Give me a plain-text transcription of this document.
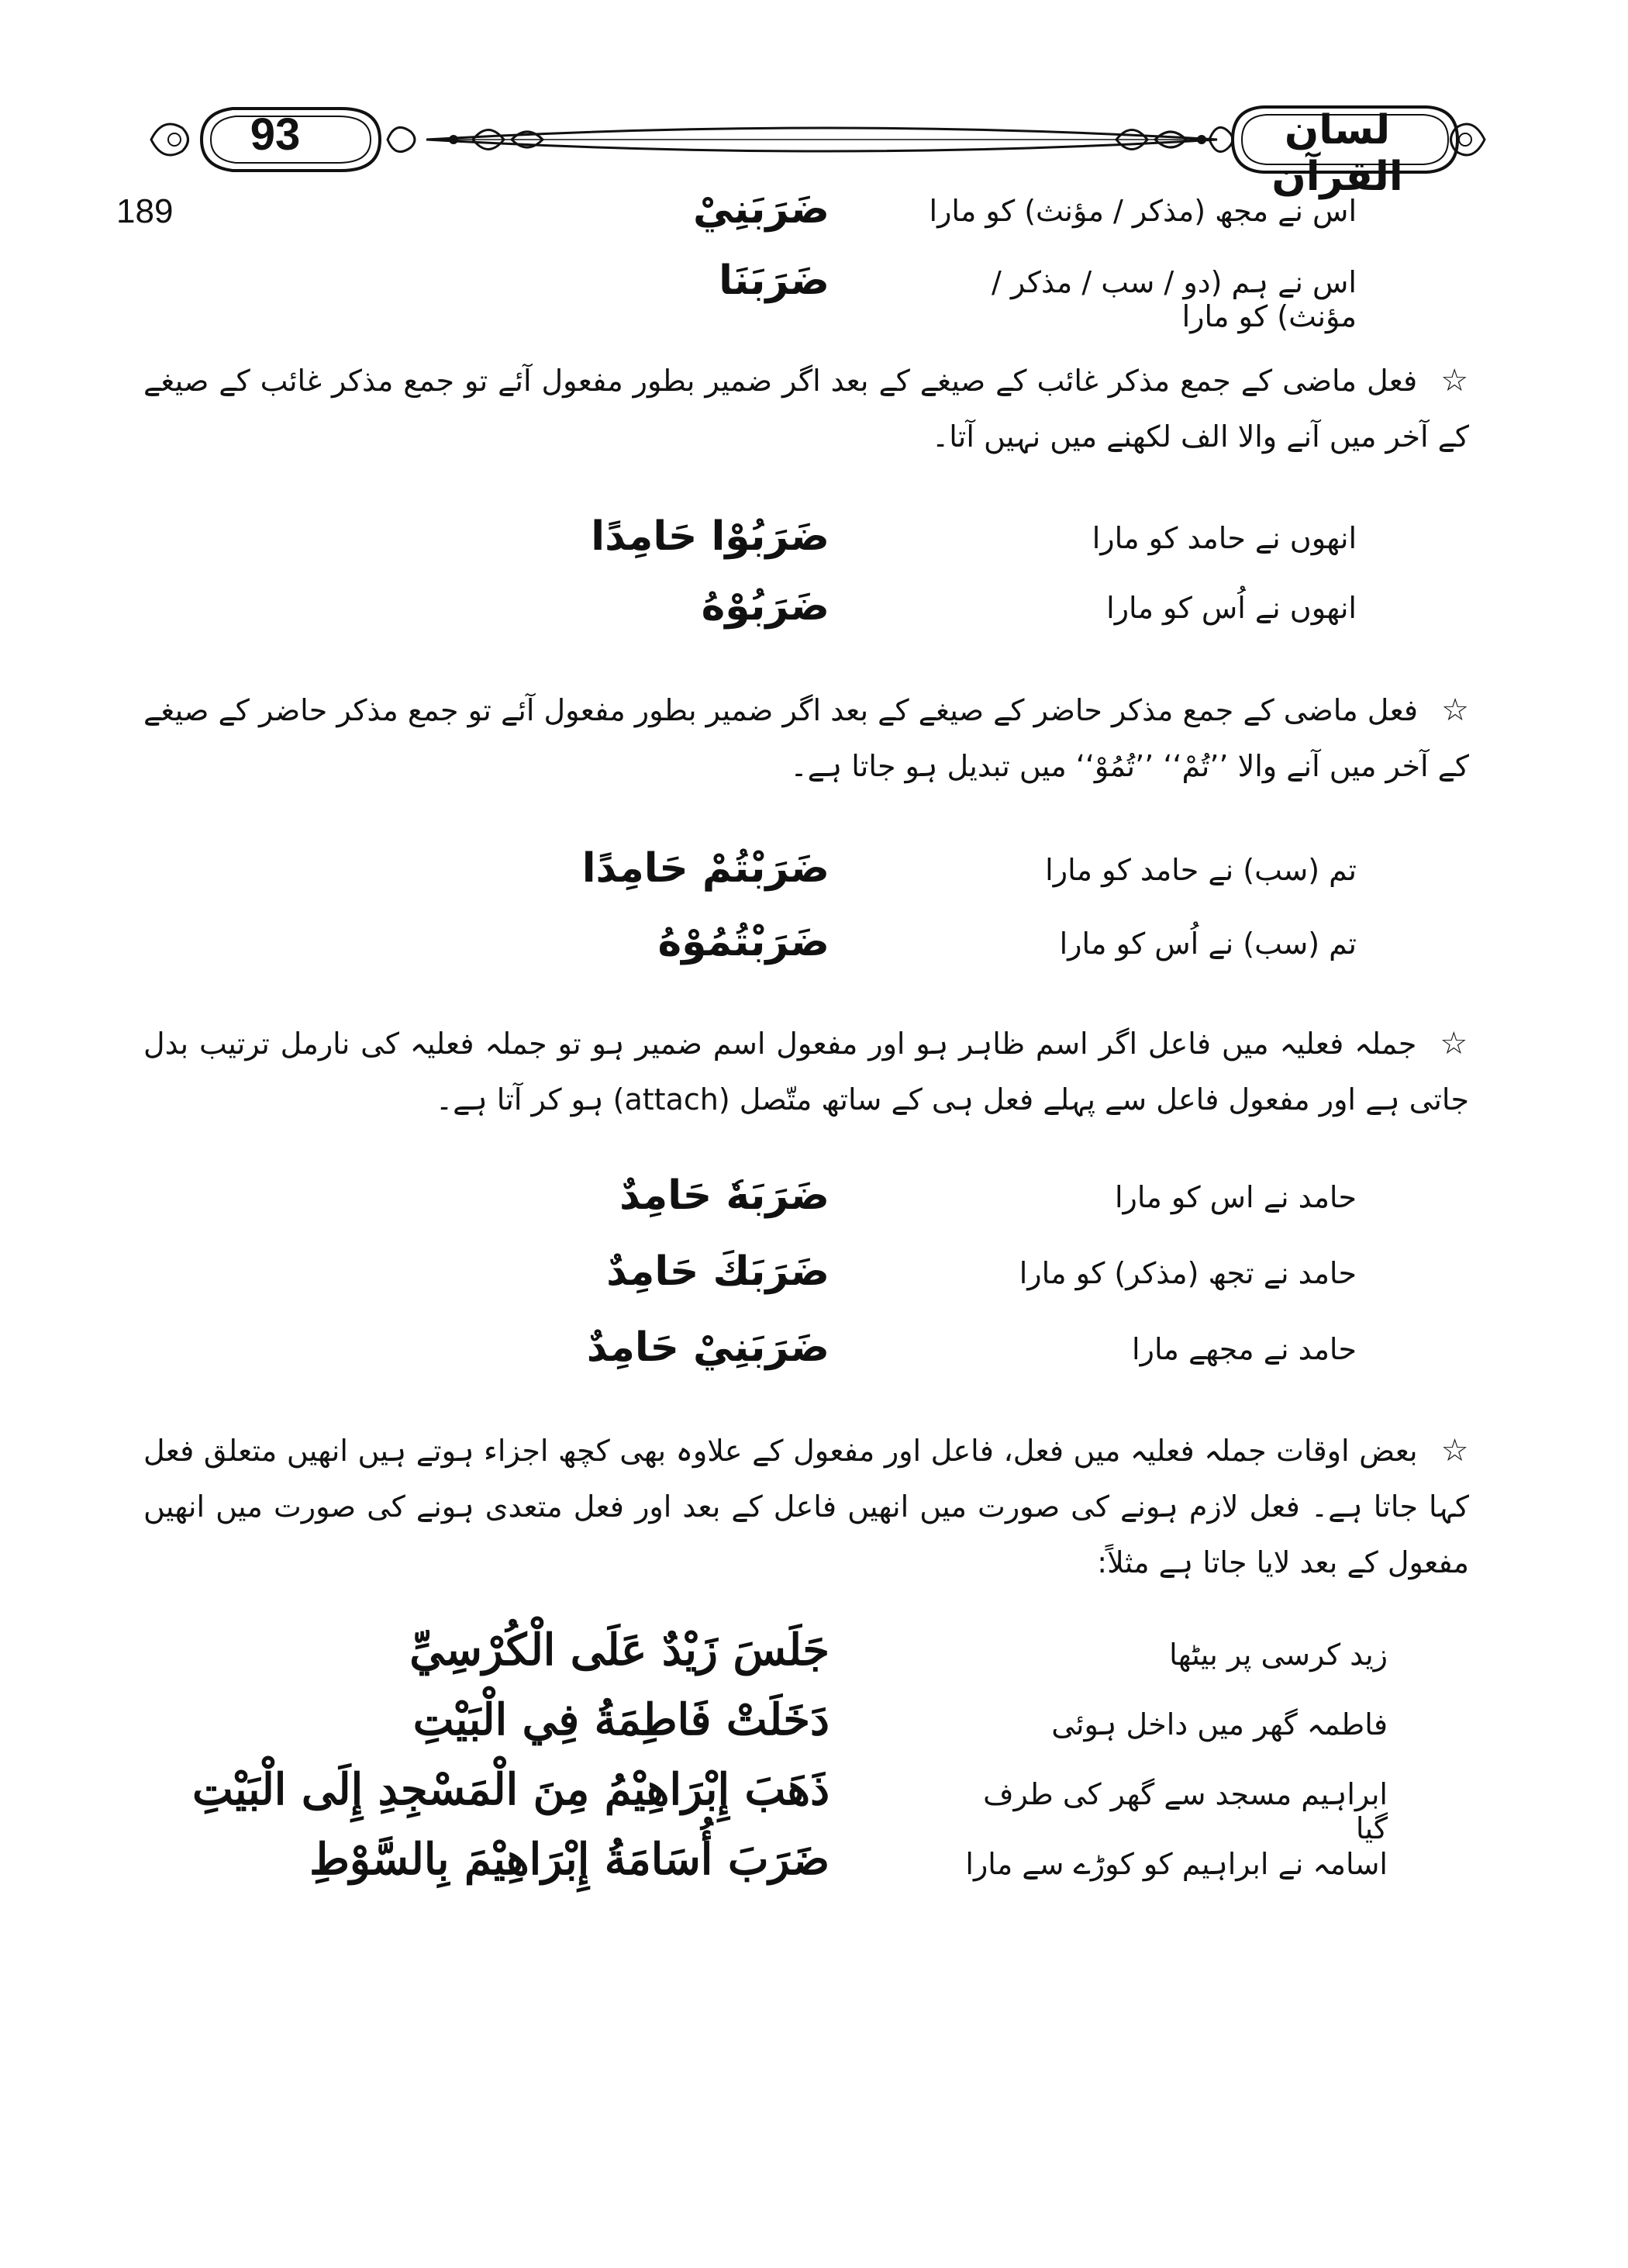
93	لسان القرآن
189	اس نے مجھ (مذکر / مؤنث) کو مارا
ضَرَبَنِيْ
اس نے ہم (دو / سب / مذکر / مؤنث) کو مارا
ضَرَبَنَا
☆فعل ماضی کے جمع مذکر غائب کے صیغے کے بعد اگر ضمیر بطور مفعول آئے تو جمع مذکر غائب کے صیغے کے آخر میں آنے والا الف لکھنے میں نہیں آتا۔
انھوں نے حامد کو مارا
ضَرَبُوْا حَامِدًا
انھوں نے اُس کو مارا
ضَرَبُوْهُ
☆فعل ماضی کے جمع مذکر حاضر کے صیغے کے بعد اگر ضمیر بطور مفعول آئے تو جمع مذکر حاضر کے صیغے کے آخر میں آنے والا ’’تُمْ‘‘ ’’تُمُوْ‘‘ میں تبدیل ہو جاتا ہے۔
تم (سب) نے حامد کو مارا
ضَرَبْتُمْ حَامِدًا
تم (سب) نے اُس کو مارا
ضَرَبْتُمُوْهُ
☆جملہ فعلیہ میں فاعل اگر اسم ظاہر ہو اور مفعول اسم ضمیر ہو تو جملہ فعلیہ کی نارمل ترتیب بدل جاتی ہے اور مفعول فاعل سے پہلے فعل ہی کے ساتھ متّصل (attach) ہو کر آتا ہے۔
حامد نے اس کو مارا
ضَرَبَهٗ حَامِدٌ
حامد نے تجھ (مذکر) کو مارا
ضَرَبَكَ حَامِدٌ
حامد نے مجھے مارا
ضَرَبَنِيْ حَامِدٌ
☆بعض اوقات جملہ فعلیہ میں فعل، فاعل اور مفعول کے علاوہ بھی کچھ اجزاء ہوتے ہیں انھیں متعلق فعل کہا جاتا ہے۔ فعل لازم ہونے کی صورت میں انھیں فاعل کے بعد اور فعل متعدی ہونے کی صورت میں انھیں مفعول کے بعد لایا جاتا ہے مثلاً:
زید کرسی پر بیٹھا
جَلَسَ زَيْدٌ عَلَى الْكُرْسِيِّ
فاطمہ گھر میں داخل ہوئی
دَخَلَتْ فَاطِمَةُ فِي الْبَيْتِ
ابراہیم مسجد سے گھر کی طرف گیا
ذَهَبَ إِبْرَاهِيْمُ مِنَ الْمَسْجِدِ إِلَى الْبَيْتِ
اسامہ نے ابراہیم کو کوڑے سے مارا
ضَرَبَ أُسَامَةُ إِبْرَاهِيْمَ بِالسَّوْطِ
